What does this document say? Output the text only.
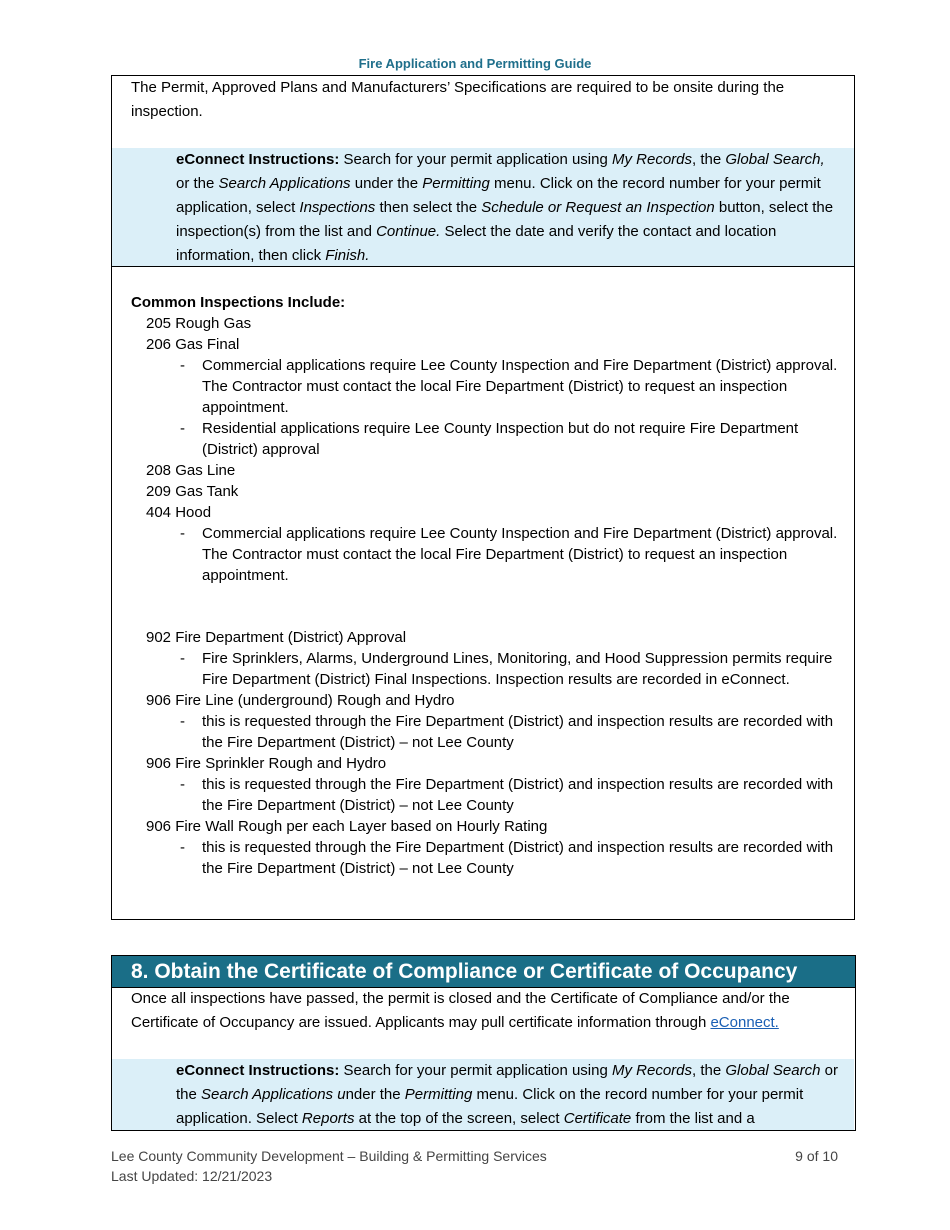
Fire Application and Permitting Guide
The Permit, Approved Plans and Manufacturers’ Specifications are required to be onsite during the inspection.
eConnect Instructions: Search for your permit application using My Records, the Global Search, or the Search Applications under the Permitting menu. Click on the record number for your permit application, select Inspections then select the Schedule or Request an Inspection button, select the inspection(s) from the list and Continue. Select the date and verify the contact and location information, then click Finish.
Common Inspections Include:
205 Rough Gas
206 Gas Final
- Commercial applications require Lee County Inspection and Fire Department (District) approval. The Contractor must contact the local Fire Department (District) to request an inspection appointment.
- Residential applications require Lee County Inspection but do not require Fire Department (District) approval
208 Gas Line
209 Gas Tank
404 Hood
- Commercial applications require Lee County Inspection and Fire Department (District) approval. The Contractor must contact the local Fire Department (District) to request an inspection appointment.
902 Fire Department (District) Approval
- Fire Sprinklers, Alarms, Underground Lines, Monitoring, and Hood Suppression permits require Fire Department (District) Final Inspections. Inspection results are recorded in eConnect.
906 Fire Line (underground) Rough and Hydro
- this is requested through the Fire Department (District) and inspection results are recorded with the Fire Department (District) – not Lee County
906 Fire Sprinkler Rough and Hydro
- this is requested through the Fire Department (District) and inspection results are recorded with the Fire Department (District) – not Lee County
906 Fire Wall Rough per each Layer based on Hourly Rating
- this is requested through the Fire Department (District) and inspection results are recorded with the Fire Department (District) – not Lee County
8. Obtain the Certificate of Compliance or Certificate of Occupancy
Once all inspections have passed, the permit is closed and the Certificate of Compliance and/or the Certificate of Occupancy are issued. Applicants may pull certificate information through eConnect.
eConnect Instructions: Search for your permit application using My Records, the Global Search or the Search Applications under the Permitting menu. Click on the record number for your permit application. Select Reports at the top of the screen, select Certificate from the list and a
Lee County Community Development – Building & Permitting Services
Last Updated: 12/21/2023
9 of 10
